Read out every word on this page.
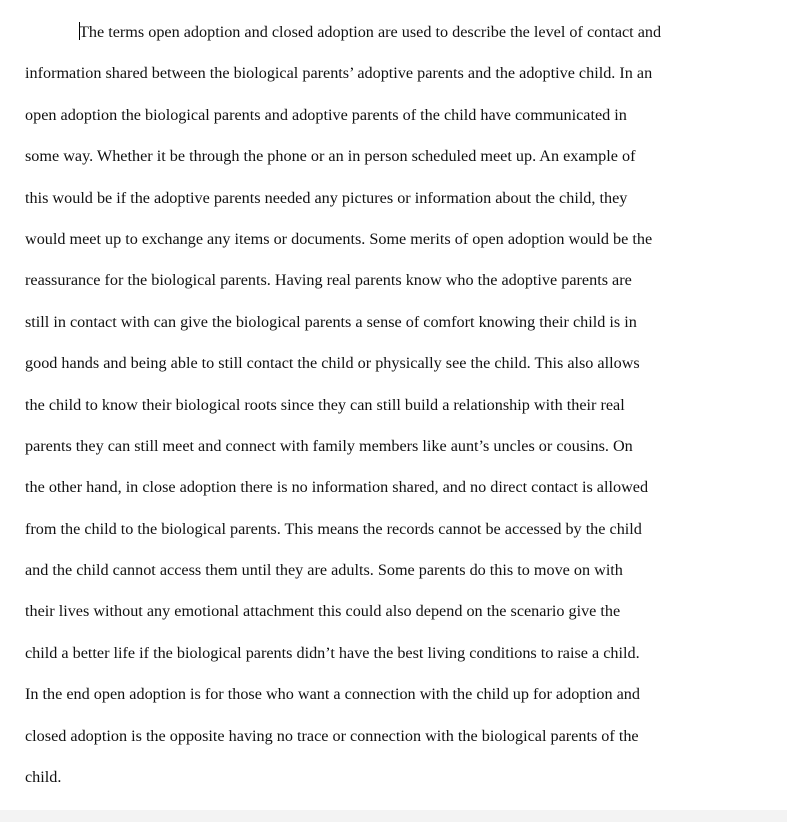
The terms open adoption and closed adoption are used to describe the level of contact and
information shared between the biological parents’ adoptive parents and the adoptive child. In an
open adoption the biological parents and adoptive parents of the child have communicated in
some way. Whether it be through the phone or an in person scheduled meet up. An example of
this would be if the adoptive parents needed any pictures or information about the child, they
would meet up to exchange any items or documents. Some merits of open adoption would be the
reassurance for the biological parents. Having real parents know who the adoptive parents are
still in contact with can give the biological parents a sense of comfort knowing their child is in
good hands and being able to still contact the child or physically see the child. This also allows
the child to know their biological roots since they can still build a relationship with their real
parents they can still meet and connect with family members like aunt’s uncles or cousins. On
the other hand, in close adoption there is no information shared, and no direct contact is allowed
from the child to the biological parents. This means the records cannot be accessed by the child
and the child cannot access them until they are adults. Some parents do this to move on with
their lives without any emotional attachment this could also depend on the scenario give the
child a better life if the biological parents didn’t have the best living conditions to raise a child.
In the end open adoption is for those who want a connection with the child up for adoption and
closed adoption is the opposite having no trace or connection with the biological parents of the
child.
